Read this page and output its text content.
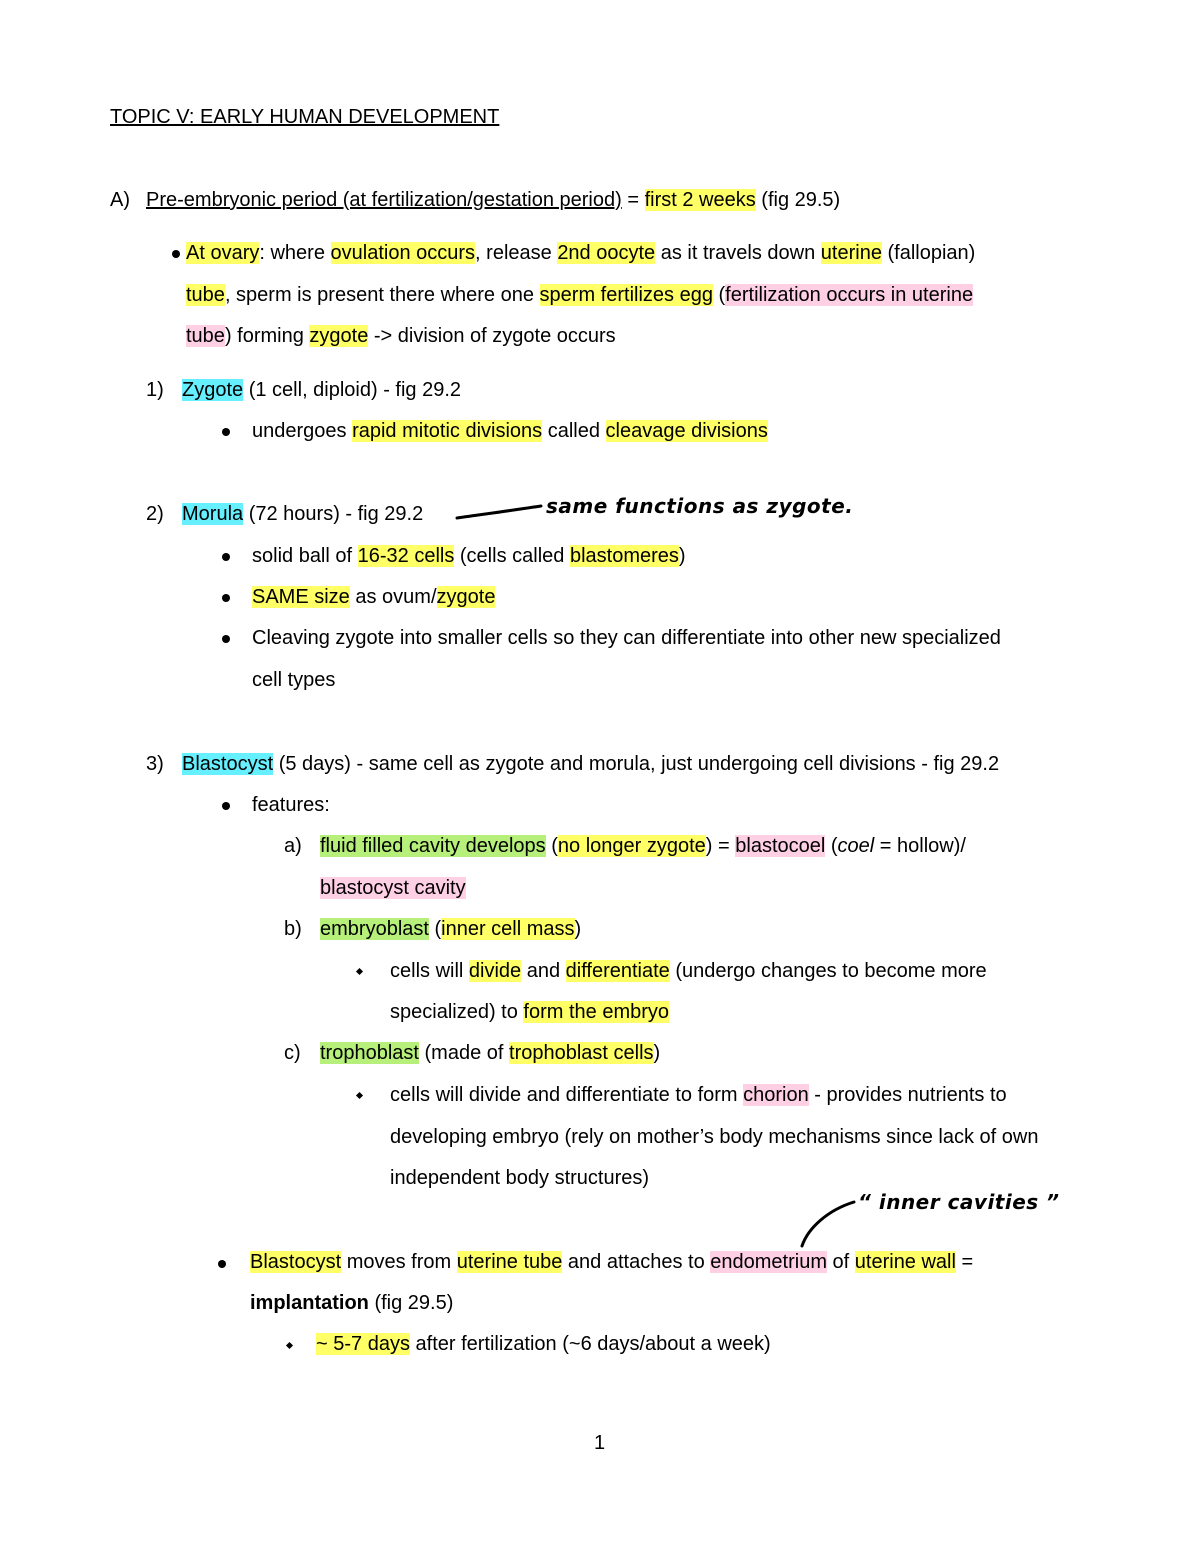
TOPIC V: EARLY HUMAN DEVELOPMENT
A) Pre-embryonic period (at fertilization/gestation period) = first 2 weeks (fig 29.5)
At ovary: where ovulation occurs, release 2nd oocyte as it travels down uterine (fallopian)
tube, sperm is present there where one sperm fertilizes egg (fertilization occurs in uterine
tube) forming zygote -> division of zygote occurs
1) Zygote (1 cell, diploid) - fig 29.2
undergoes rapid mitotic divisions called cleavage divisions
2) Morula (72 hours) - fig 29.2	same functions as zygote.
solid ball of 16-32 cells (cells called blastomeres)
SAME size as ovum/zygote
Cleaving zygote into smaller cells so they can differentiate into other new specialized
cell types
3) Blastocyst (5 days) - same cell as zygote and morula, just undergoing cell divisions - fig 29.2
features:
a) fluid filled cavity develops (no longer zygote) = blastocoel (coel = hollow)/
blastocyst cavity
b) embryoblast (inner cell mass)
cells will divide and differentiate (undergo changes to become more
specialized) to form the embryo
c) trophoblast (made of trophoblast cells)
cells will divide and differentiate to form chorion - provides nutrients to
developing embryo (rely on mother’s body mechanisms since lack of own
independent body structures)
“ inner cavities ”
Blastocyst moves from uterine tube and attaches to endometrium of uterine wall =
implantation (fig 29.5)
~ 5-7 days after fertilization (~6 days/about a week)
1
